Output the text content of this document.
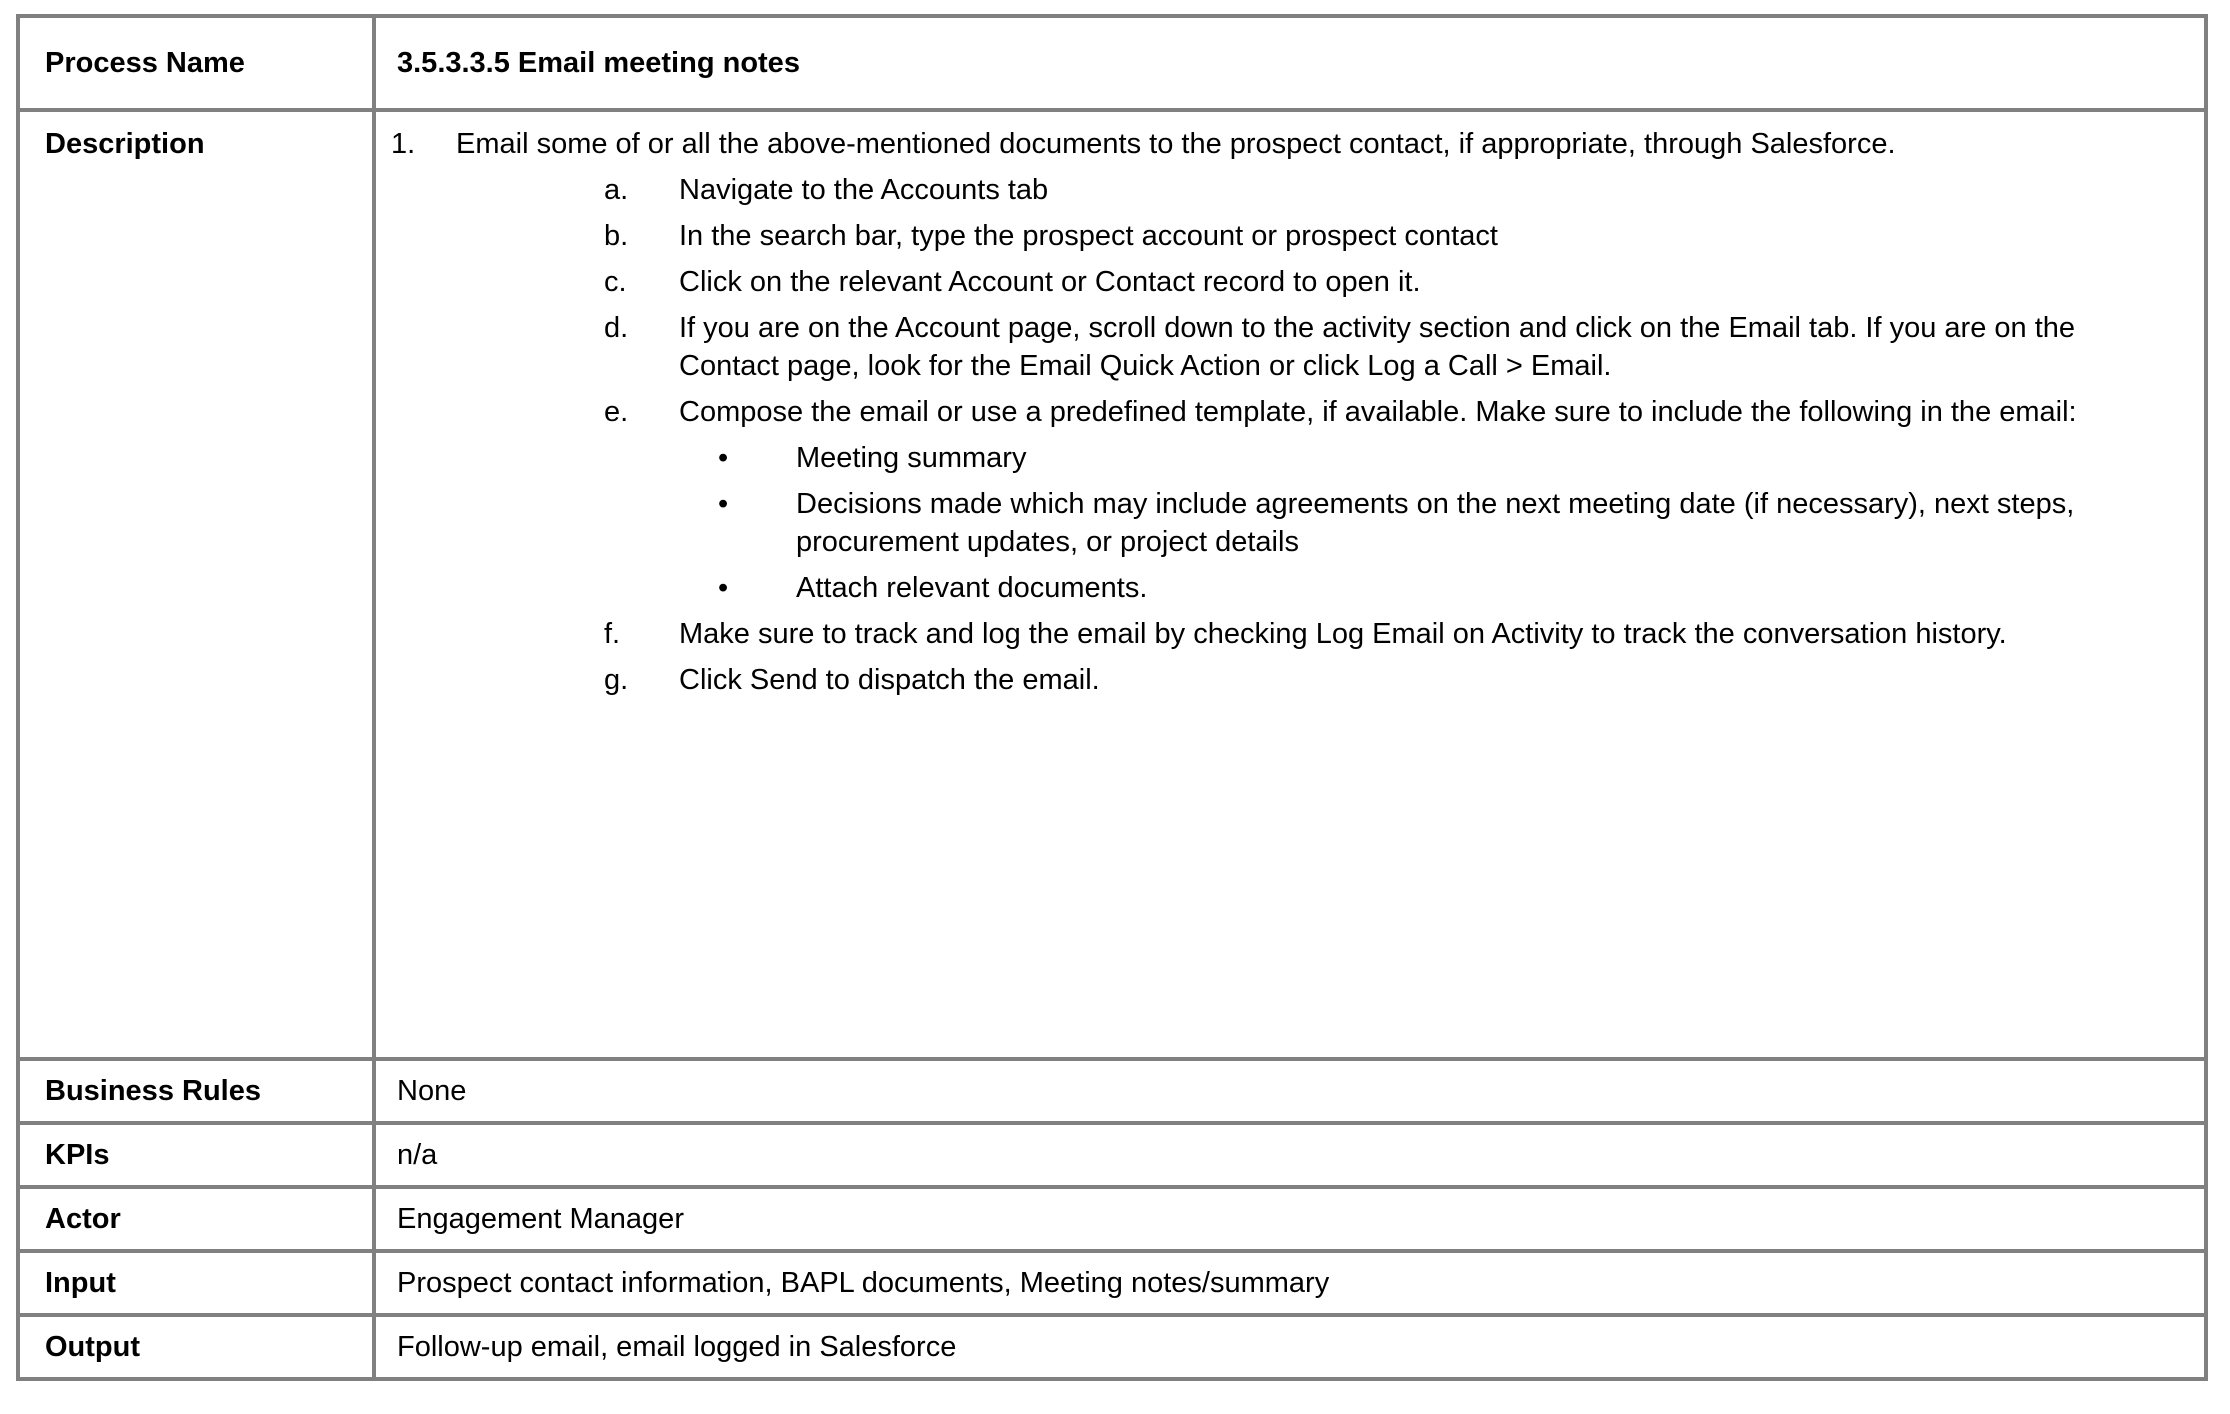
Process Name	3.5.3.3.5 Email meeting notes
Description	1. Email some of or all the above-mentioned documents to the prospect contact, if appropriate, through Salesforce.
a. Navigate to the Accounts tab
b. In the search bar, type the prospect account or prospect contact
c. Click on the relevant Account or Contact record to open it.
d. If you are on the Account page, scroll down to the activity section and click on the Email tab. If you are on the Contact page, look for the Email Quick Action or click Log a Call > Email.
e. Compose the email or use a predefined template, if available. Make sure to include the following in the email:
• Meeting summary
• Decisions made which may include agreements on the next meeting date (if necessary), next steps, procurement updates, or project details
• Attach relevant documents.
f. Make sure to track and log the email by checking Log Email on Activity to track the conversation history.
g. Click Send to dispatch the email.

Business Rules	None
KPIs	n/a
Actor	Engagement Manager
Input	Prospect contact information, BAPL documents, Meeting notes/summary
Output	Follow-up email, email logged in Salesforce
